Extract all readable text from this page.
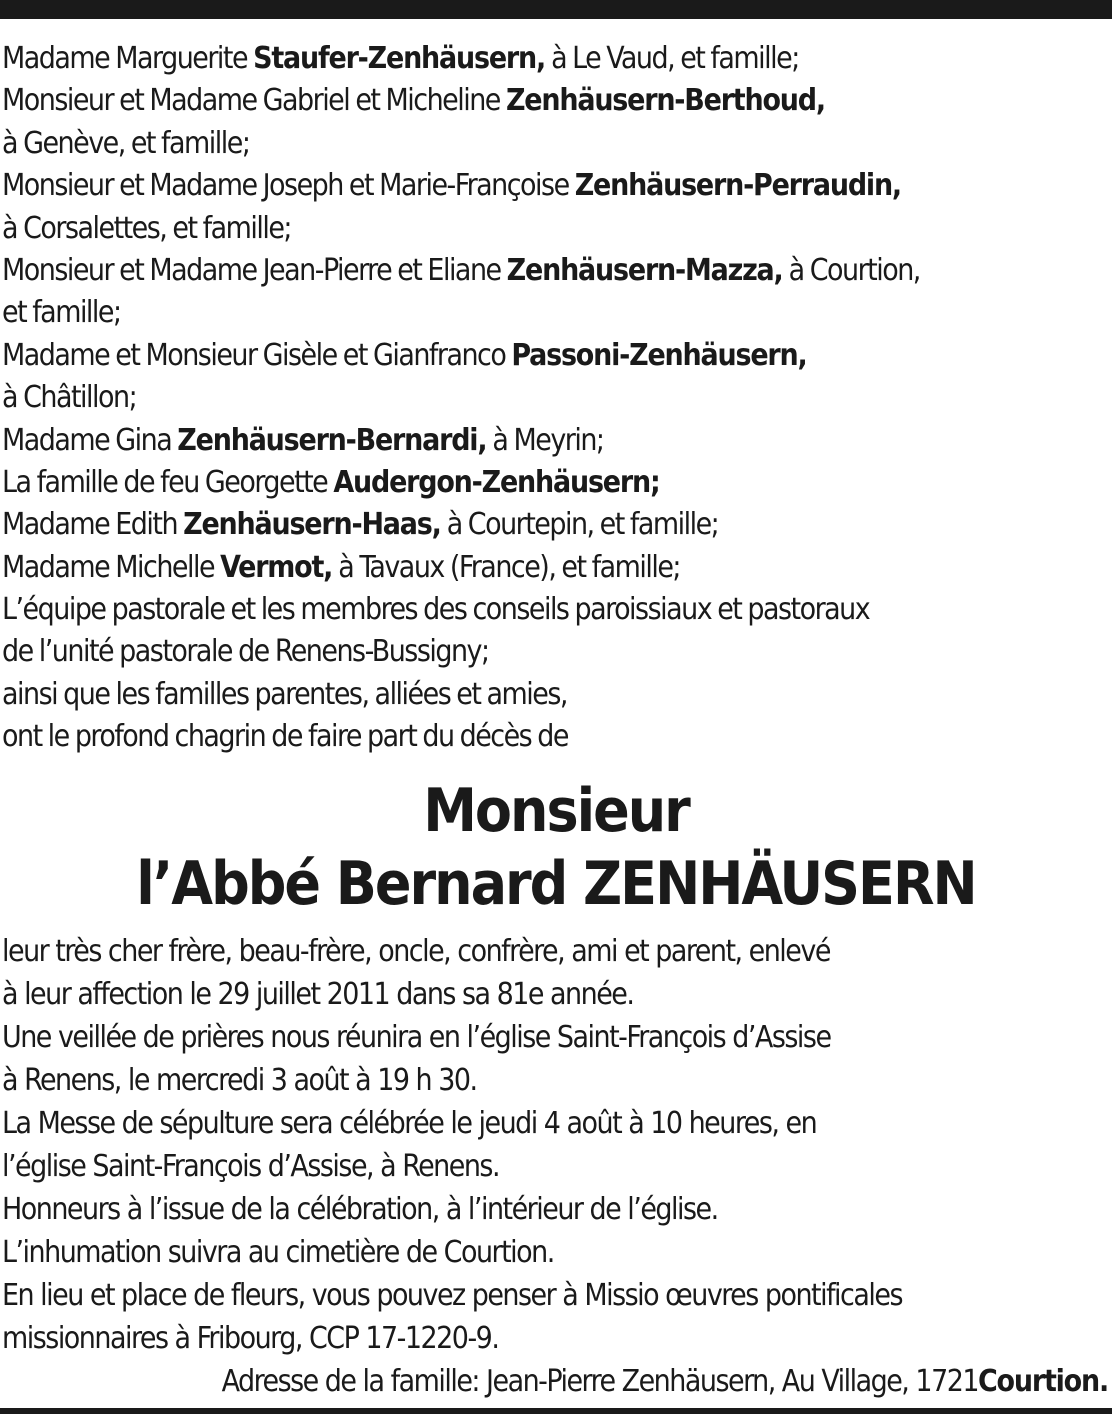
Madame Marguerite Staufer-Zenhäusern, à Le Vaud, et famille;
Monsieur et Madame Gabriel et Micheline Zenhäusern-Berthoud,
à Genève, et famille;
Monsieur et Madame Joseph et Marie-Françoise Zenhäusern-Perraudin,
à Corsalettes, et famille;
Monsieur et Madame Jean-Pierre et Eliane Zenhäusern-Mazza, à Courtion,
et famille;
Madame et Monsieur Gisèle et Gianfranco Passoni-Zenhäusern,
à Châtillon;
Madame Gina Zenhäusern-Bernardi, à Meyrin;
La famille de feu Georgette Audergon-Zenhäusern;
Madame Edith Zenhäusern-Haas, à Courtepin, et famille;
Madame Michelle Vermot, à Tavaux (France), et famille;
L’équipe pastorale et les membres des conseils paroissiaux et pastoraux
de l’unité pastorale de Renens-Bussigny;
ainsi que les familles parentes, alliées et amies,
ont le profond chagrin de faire part du décès de
Monsieur
l’Abbé Bernard ZENHÄUSERN
leur très cher frère, beau-frère, oncle, confrère, ami et parent, enlevé
à leur affection le 29 juillet 2011 dans sa 81e année.
Une veillée de prières nous réunira en l’église Saint-François d’Assise
à Renens, le mercredi 3 août à 19 h 30.
La Messe de sépulture sera célébrée le jeudi 4 août à 10 heures, en
l’église Saint-François d’Assise, à Renens.
Honneurs à l’issue de la célébration, à l’intérieur de l’église.
L’inhumation suivra au cimetière de Courtion.
En lieu et place de fleurs, vous pouvez penser à Missio œuvres pontificales
missionnaires à Fribourg, CCP 17-1220-9.
Adresse de la famille: Jean-Pierre Zenhäusern, Au Village, 1721 Courtion.
